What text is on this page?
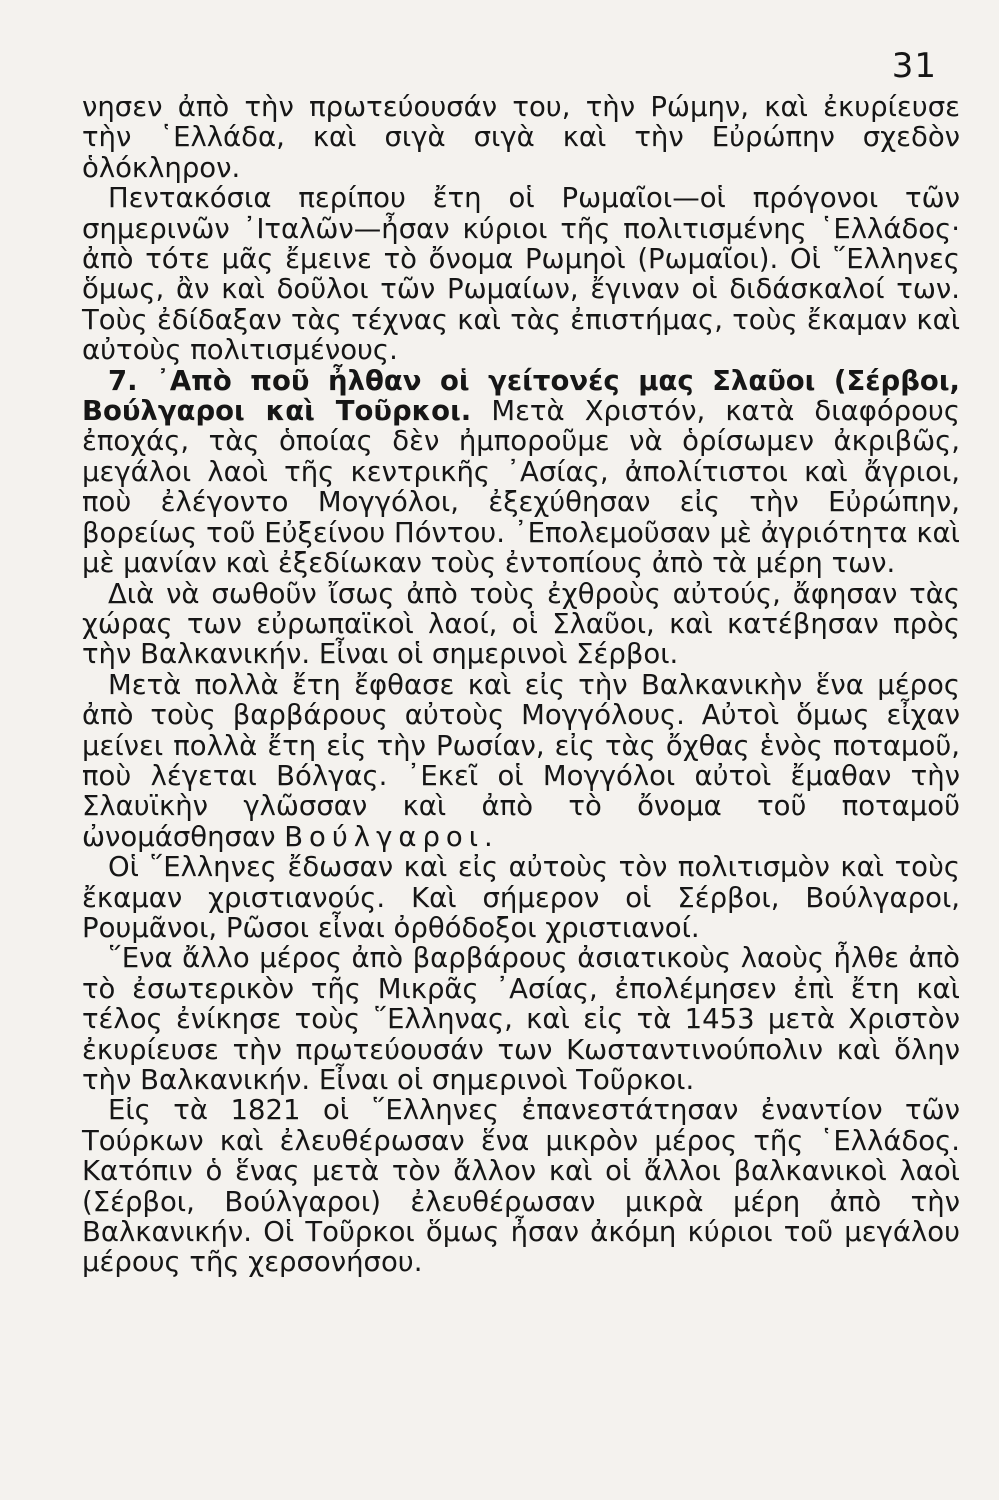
31

νησεν ἀπὸ τὴν πρωτεύουσάν του, τὴν Ρώμην, καὶ ἐκυρίευσε τὴν ῾Ελλάδα, καὶ σιγὰ σιγὰ καὶ τὴν Εὐρώπην σχεδὸν ὁλόκληρον.

Πεντακόσια περίπου ἔτη οἱ Ρωμαῖοι—οἱ πρόγονοι τῶν σημερινῶν ᾿Ιταλῶν—ἦσαν κύριοι τῆς πολιτισμένης ῾Ελλάδος· ἀπὸ τότε μᾶς ἔμεινε τὸ ὄνομα Ρωμηοὶ (Ρωμαῖοι). Οἱ ῞Ελληνες ὅμως, ἂν καὶ δοῦλοι τῶν Ρωμαίων, ἔγιναν οἱ διδάσκαλοί των. Τοὺς ἐδίδαξαν τὰς τέχνας καὶ τὰς ἐπιστήμας, τοὺς ἔκαμαν καὶ αὐτοὺς πολιτισμένους.

7. ᾿Απὸ ποῦ ἦλθαν οἱ γείτονές μας Σλαῦοι (Σέρβοι, Βούλγαροι καὶ Τοῦρκοι. Μετὰ Χριστόν, κατὰ διαφόρους ἐποχάς, τὰς ὁποίας δὲν ἠμποροῦμε νὰ ὁρίσωμεν ἀκριβῶς, μεγάλοι λαοὶ τῆς κεντρικῆς ᾿Ασίας, ἀπολίτιστοι καὶ ἄγριοι, ποὺ ἐλέγοντο Μογγόλοι, ἐξεχύθησαν εἰς τὴν Εὐρώπην, βορείως τοῦ Εὐξείνου Πόντου. ᾿Επολεμοῦσαν μὲ ἀγριότητα καὶ μὲ μανίαν καὶ ἐξεδίωκαν τοὺς ἐντοπίους ἀπὸ τὰ μέρη των.

Διὰ νὰ σωθοῦν ἴσως ἀπὸ τοὺς ἐχθροὺς αὐτούς, ἄφησαν τὰς χώρας των εὐρωπαϊκοὶ λαοί, οἱ Σλαῦοι, καὶ κατέβησαν πρὸς τὴν Βαλκανικήν. Εἶναι οἱ σημερινοὶ Σέρβοι.

Μετὰ πολλὰ ἔτη ἔφθασε καὶ εἰς τὴν Βαλκανικὴν ἕνα μέρος ἀπὸ τοὺς βαρβάρους αὐτοὺς Μογγόλους. Αὐτοὶ ὅμως εἶχαν μείνει πολλὰ ἔτη εἰς τὴν Ρωσίαν, εἰς τὰς ὄχθας ἑνὸς ποταμοῦ, ποὺ λέγεται Βόλγας. ᾿Εκεῖ οἱ Μογγόλοι αὐτοὶ ἔμαθαν τὴν Σλαυϊκὴν γλῶσσαν καὶ ἀπὸ τὸ ὄνομα τοῦ ποταμοῦ ὠνομάσθησαν Βούλγαροι.

Οἱ ῞Ελληνες ἔδωσαν καὶ εἰς αὐτοὺς τὸν πολιτισμὸν καὶ τοὺς ἔκαμαν χριστιανούς. Καὶ σήμερον οἱ Σέρβοι, Βούλγαροι, Ρουμᾶνοι, Ρῶσοι εἶναι ὀρθόδοξοι χριστιανοί.

῞Ενα ἄλλο μέρος ἀπὸ βαρβάρους ἀσιατικοὺς λαοὺς ἦλθε ἀπὸ τὸ ἐσωτερικὸν τῆς Μικρᾶς ᾿Ασίας, ἐπολέμησεν ἐπὶ ἔτη καὶ τέλος ἐνίκησε τοὺς ῞Ελληνας, καὶ εἰς τὰ 1453 μετὰ Χριστὸν ἐκυρίευσε τὴν πρωτεύουσάν των Κωσταντινούπολιν καὶ ὅλην τὴν Βαλκανικήν. Εἶναι οἱ σημερινοὶ Τοῦρκοι.

Εἰς τὰ 1821 οἱ ῞Ελληνες ἐπανεστάτησαν ἐναντίον τῶν Τούρκων καὶ ἐλευθέρωσαν ἕνα μικρὸν μέρος τῆς ῾Ελλάδος. Κατόπιν ὁ ἕνας μετὰ τὸν ἄλλον καὶ οἱ ἄλλοι βαλκανικοὶ λαοὶ (Σέρβοι, Βούλγαροι) ἐλευθέρωσαν μικρὰ μέρη ἀπὸ τὴν Βαλκανικήν. Οἱ Τοῦρκοι ὅμως ἦσαν ἀκόμη κύριοι τοῦ μεγάλου μέρους τῆς χερσονήσου.
